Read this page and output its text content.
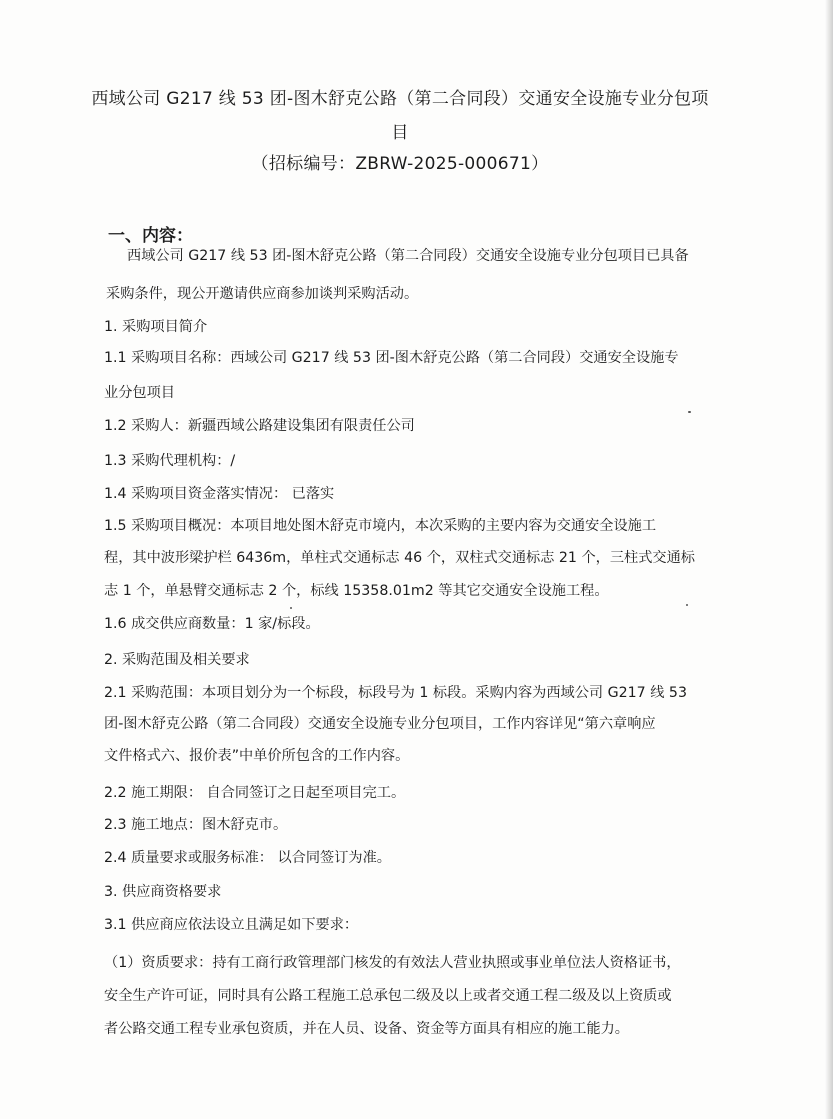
西域公司 G217 线 53 团-图木舒克公路（第二合同段）交通安全设施专业分包项
目
（招标编号：ZBRW-2025-000671）
一、内容：
西域公司 G217 线 53 团-图木舒克公路（第二合同段）交通安全设施专业分包项目已具备
采购条件，现公开邀请供应商参加谈判采购活动。
1. 采购项目简介
1.1 采购项目名称：西域公司 G217 线 53 团-图木舒克公路（第二合同段）交通安全设施专
业分包项目
1.2 采购人：新疆西域公路建设集团有限责任公司
1.3 采购代理机构：/
1.4 采购项目资金落实情况： 已落实
1.5 采购项目概况：本项目地处图木舒克市境内，本次采购的主要内容为交通安全设施工
程，其中波形梁护栏 6436m，单柱式交通标志 46 个，双柱式交通标志 21 个，三柱式交通标
志 1 个，单悬臂交通标志 2 个，标线 15358.01m2 等其它交通安全设施工程。
1.6 成交供应商数量：1 家/标段。
2. 采购范围及相关要求
2.1 采购范围：本项目划分为一个标段，标段号为 1 标段。采购内容为西域公司 G217 线 53
团-图木舒克公路（第二合同段）交通安全设施专业分包项目，工作内容详见“第六章响应
文件格式六、报价表”中单价所包含的工作内容。
2.2 施工期限： 自合同签订之日起至项目完工。
2.3 施工地点：图木舒克市。
2.4 质量要求或服务标准： 以合同签订为准。
3. 供应商资格要求
3.1 供应商应依法设立且满足如下要求：
（1）资质要求：持有工商行政管理部门核发的有效法人营业执照或事业单位法人资格证书，
安全生产许可证，同时具有公路工程施工总承包二级及以上或者交通工程二级及以上资质或
者公路交通工程专业承包资质，并在人员、设备、资金等方面具有相应的施工能力。
